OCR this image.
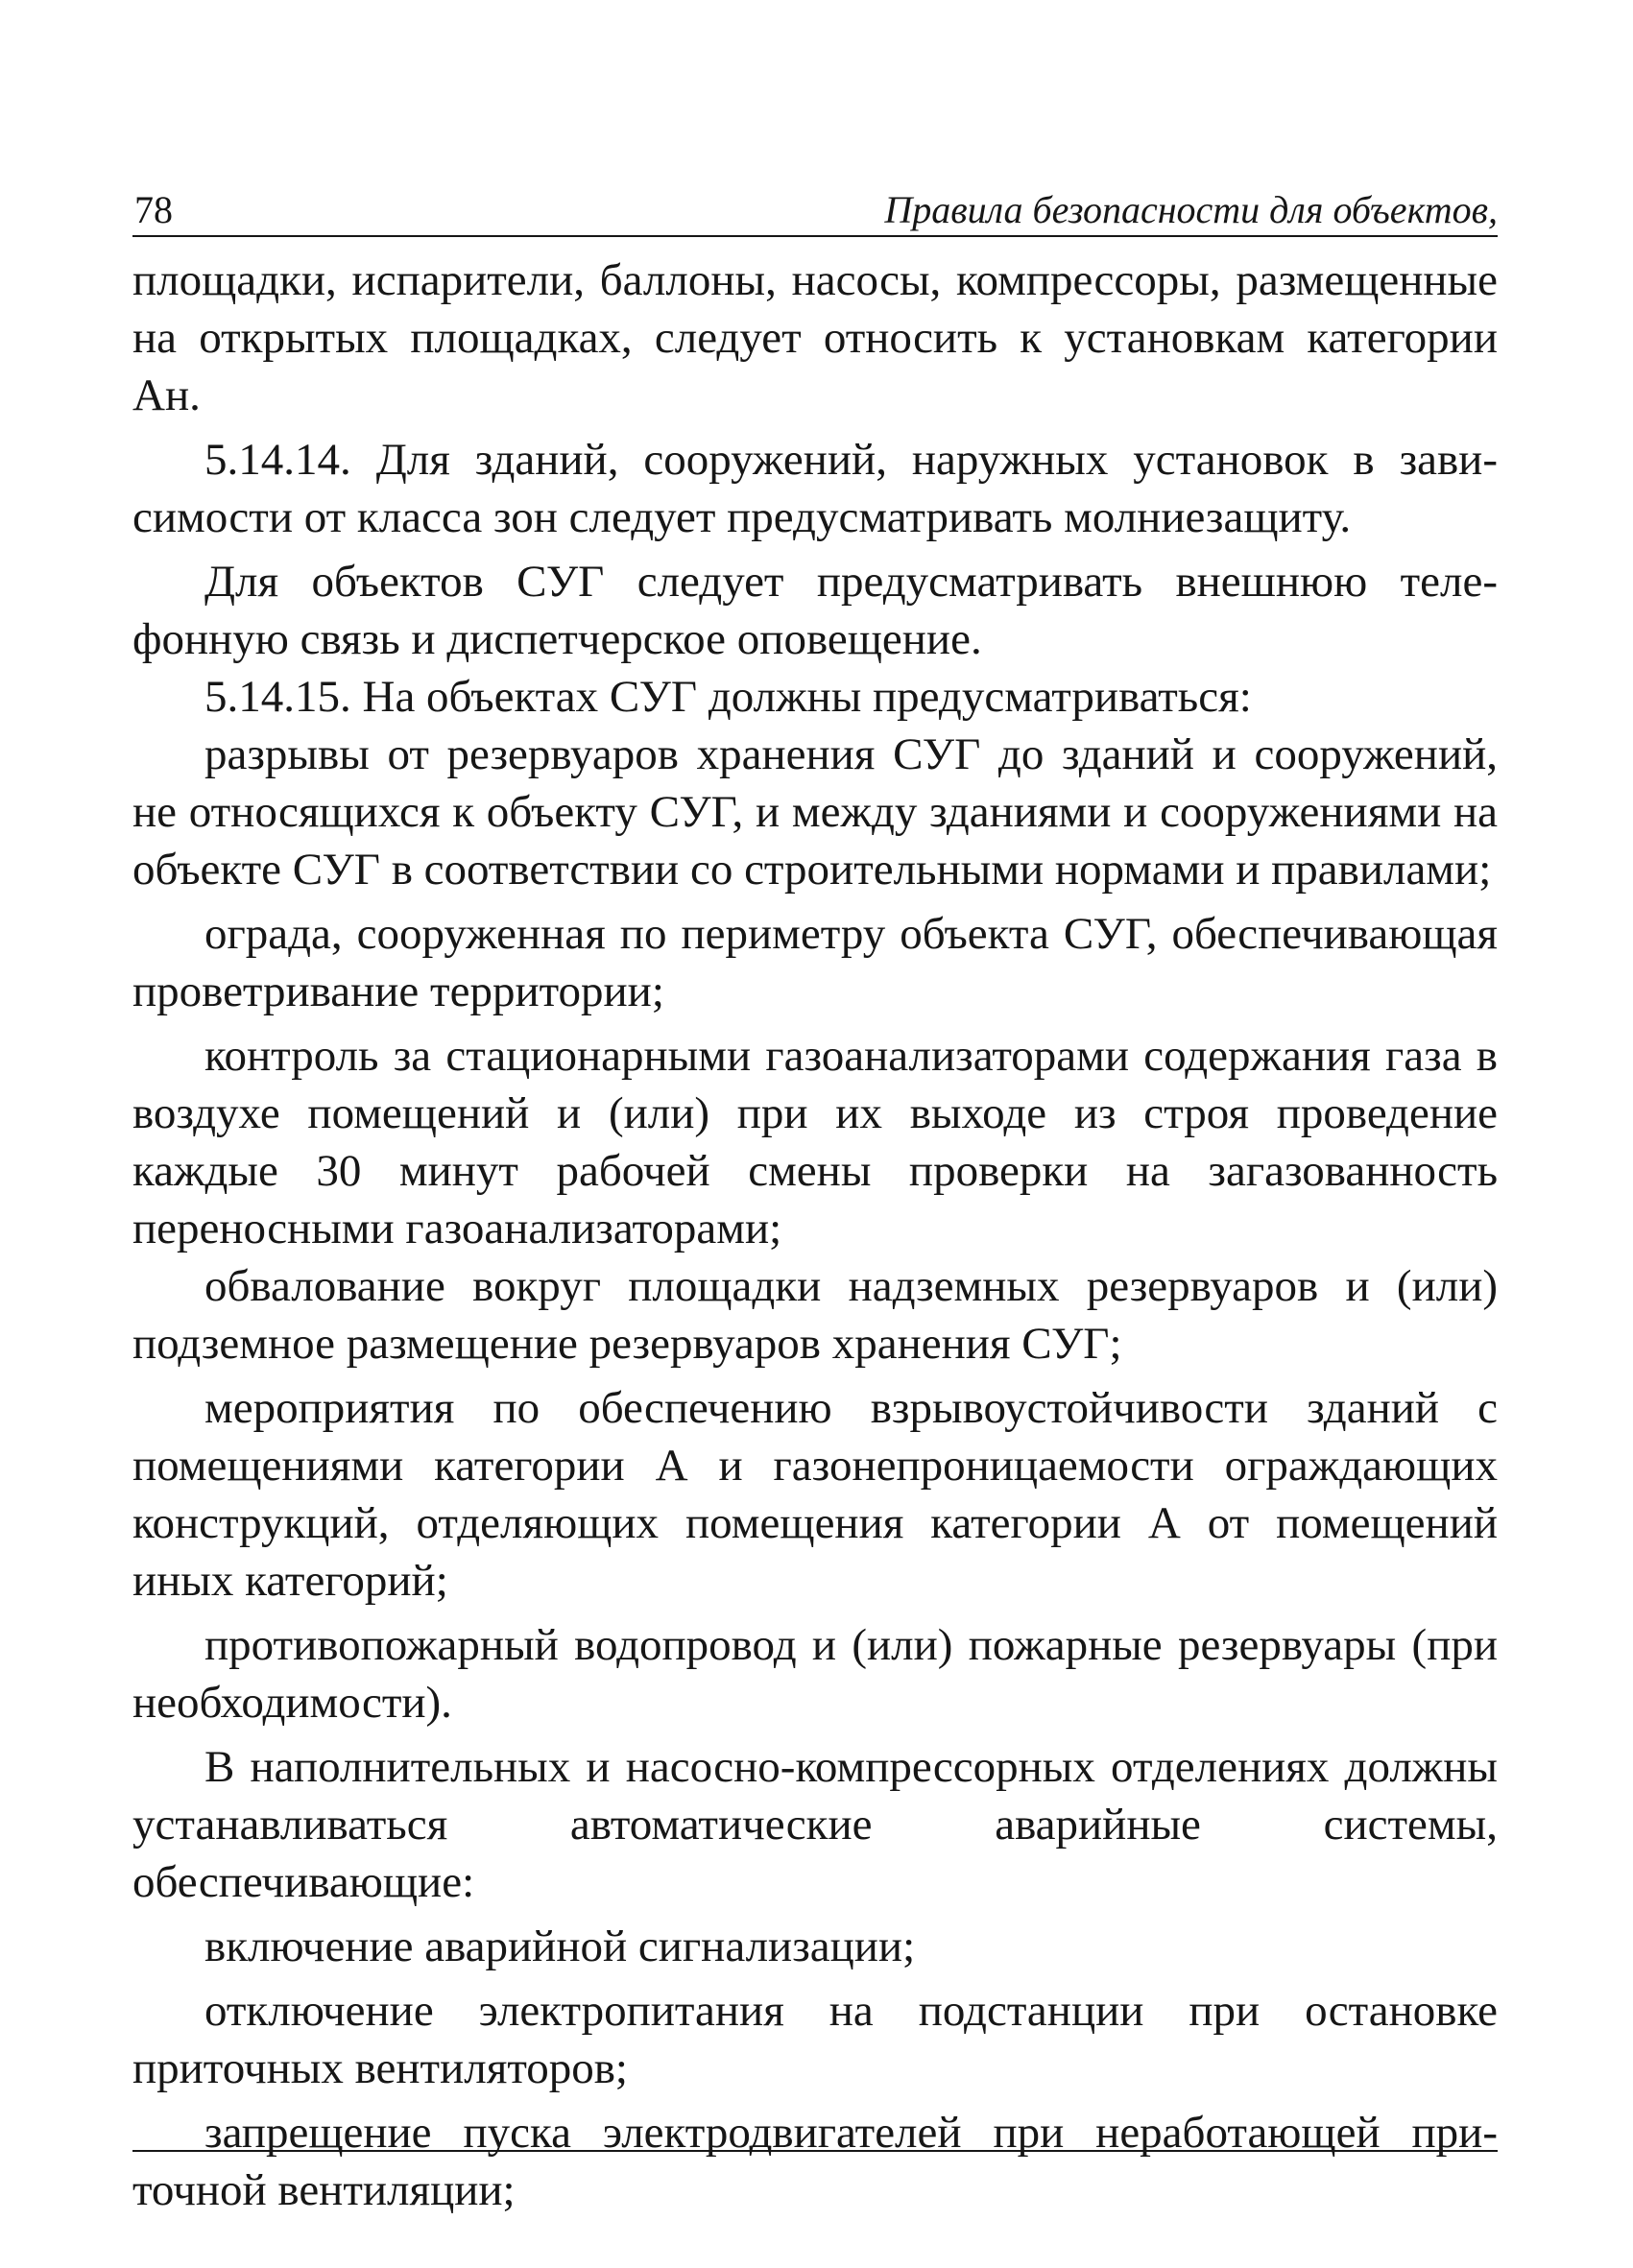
78	Правила безопасности для объектов,

площадки, испарители, баллоны, насосы, компрессоры, размещенные на открытых площадках, следует относить к установкам категории Ан.

5.14.14. Для зданий, сооружений, наружных установок в зависимости от класса зон следует предусматривать молниезащиту.

Для объектов СУГ следует предусматривать внешнюю телефонную связь и диспетчерское оповещение.

5.14.15. На объектах СУГ должны предусматриваться:

разрывы от резервуаров хранения СУГ до зданий и сооружений, не относящихся к объекту СУГ, и между зданиями и сооружениями на объекте СУГ в соответствии со строительными нормами и правилами;

ограда, сооруженная по периметру объекта СУГ, обеспечивающая проветривание территории;

контроль за стационарными газоанализаторами содержания газа в воздухе помещений и (или) при их выходе из строя проведение каждые 30 минут рабочей смены проверки на загазованность переносными газоанализаторами;

обвалование вокруг площадки надземных резервуаров и (или) подземное размещение резервуаров хранения СУГ;

мероприятия по обеспечению взрывоустойчивости зданий с помещениями категории А и газонепроницаемости ограждающих конструкций, отделяющих помещения категории А от помещений иных категорий;

противопожарный водопровод и (или) пожарные резервуары (при необходимости).

В наполнительных и насосно-компрессорных отделениях должны устанавливаться автоматические аварийные системы, обеспечивающие:

включение аварийной сигнализации;

отключение электропитания на подстанции при остановке приточных вентиляторов;

запрещение пуска электродвигателей при неработающей приточной вентиляции;
